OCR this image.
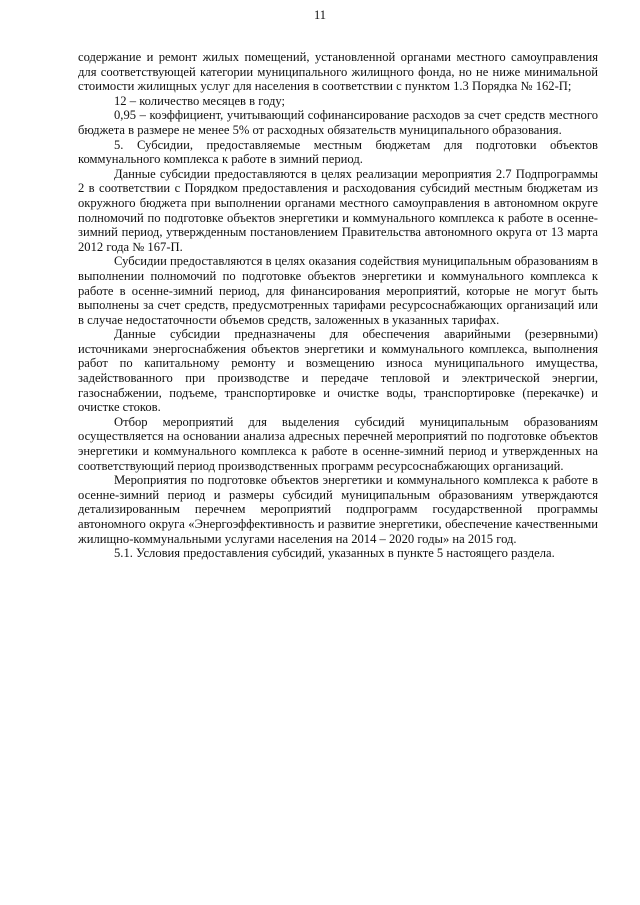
11

содержание и ремонт жилых помещений, установленной органами местного самоуправления для соответствующей категории муниципального жилищного фонда, но не ниже минимальной стоимости жилищных услуг для населения в соответствии с пунктом 1.3 Порядка № 162-П;

12 – количество месяцев в году;

0,95 – коэффициент, учитывающий софинансирование расходов за счет средств местного бюджета в размере не менее 5% от расходных обязательств муниципального образования.

5. Субсидии, предоставляемые местным бюджетам для подготовки объектов коммунального комплекса к работе в зимний период.

Данные субсидии предоставляются в целях реализации мероприятия 2.7 Подпрограммы 2 в соответствии с Порядком предоставления и расходования субсидий местным бюджетам из окружного бюджета при выполнении органами местного самоуправления в автономном округе полномочий по подготовке объектов энергетики и коммунального комплекса к работе в осенне-зимний период, утвержденным постановлением Правительства автономного округа от 13 марта 2012 года № 167-П.

Субсидии предоставляются в целях оказания содействия муниципальным образованиям в выполнении полномочий по подготовке объектов энергетики и коммунального комплекса к работе в осенне-зимний период, для финансирования мероприятий, которые не могут быть выполнены за счет средств, предусмотренных тарифами ресурсоснабжающих организаций или в случае недостаточности объемов средств, заложенных в указанных тарифах.

Данные субсидии предназначены для обеспечения аварийными (резервными) источниками энергоснабжения объектов энергетики и коммунального комплекса, выполнения работ по капитальному ремонту и возмещению износа муниципального имущества, задействованного при производстве и передаче тепловой и электрической энергии, газоснабжении, подъеме, транспортировке и очистке воды, транспортировке (перекачке) и очистке стоков.

Отбор мероприятий для выделения субсидий муниципальным образованиям осуществляется на основании анализа адресных перечней мероприятий по подготовке объектов энергетики и коммунального комплекса к работе в осенне-зимний период и утвержденных на соответствующий период производственных программ ресурсоснабжающих организаций.

Мероприятия по подготовке объектов энергетики и коммунального комплекса к работе в осенне-зимний период и размеры субсидий муниципальным образованиям утверждаются детализированным перечнем мероприятий подпрограмм государственной программы автономного округа «Энергоэффективность и развитие энергетики, обеспечение качественными жилищно-коммунальными услугами населения на 2014 – 2020 годы» на 2015 год.

5.1. Условия предоставления субсидий, указанных в пункте 5 настоящего раздела.
